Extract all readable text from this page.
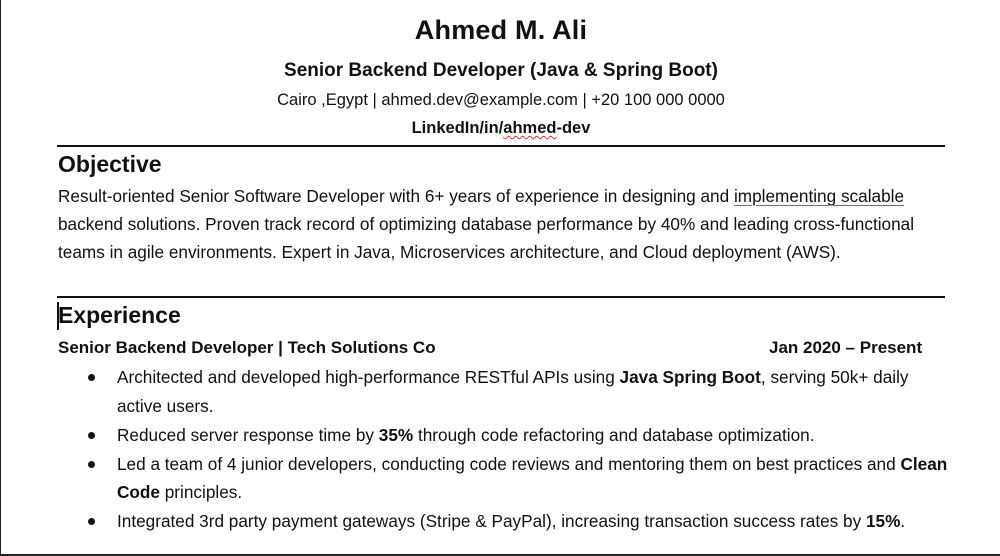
Ahmed M. Ali
Senior Backend Developer (Java & Spring Boot)
Cairo ,Egypt | ahmed.dev@example.com | +20 100 000 0000
LinkedIn/in/ahmed-dev
Objective
Result-oriented Senior Software Developer with 6+ years of experience in designing and implementing scalable backend solutions. Proven track record of optimizing database performance by 40% and leading cross-functional teams in agile environments. Expert in Java, Microservices architecture, and Cloud deployment (AWS).
Experience
Senior Backend Developer | Tech Solutions Co	Jan 2020 – Present
Architected and developed high-performance RESTful APIs using Java Spring Boot, serving 50k+ daily active users.
Reduced server response time by 35% through code refactoring and database optimization.
Led a team of 4 junior developers, conducting code reviews and mentoring them on best practices and Clean Code principles.
Integrated 3rd party payment gateways (Stripe & PayPal), increasing transaction success rates by 15%.
